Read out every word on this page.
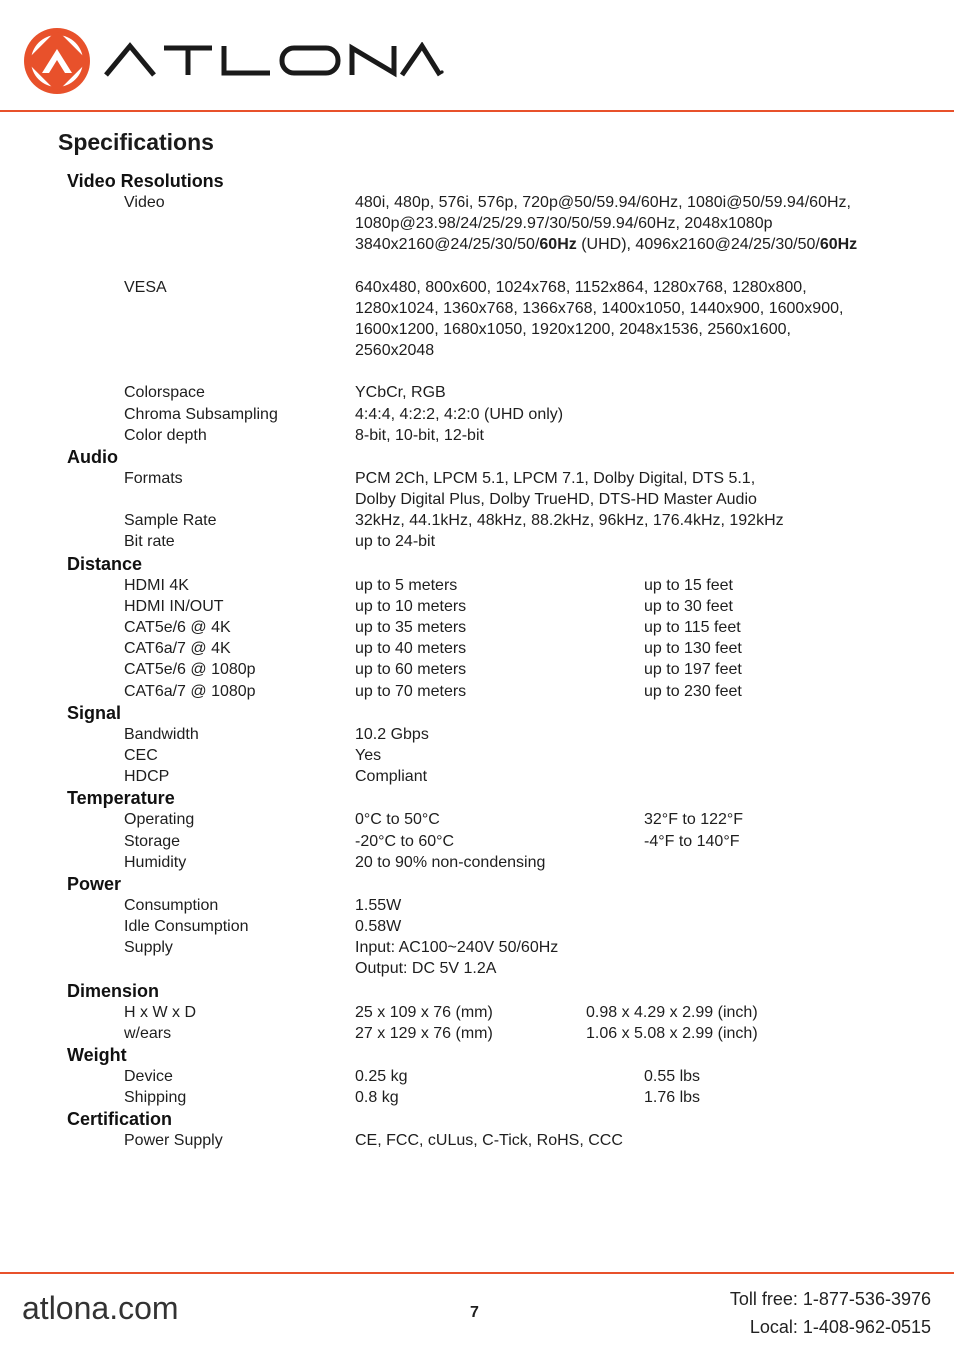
Specifications
Video Resolutions
Video	480i, 480p, 576i, 576p, 720p@50/59.94/60Hz, 1080i@50/59.94/60Hz,
1080p@23.98/24/25/29.97/30/50/59.94/60Hz, 2048x1080p
3840x2160@24/25/30/50/60Hz (UHD), 4096x2160@24/25/30/50/60Hz
VESA	640x480, 800x600, 1024x768, 1152x864, 1280x768, 1280x800,
1280x1024, 1360x768, 1366x768, 1400x1050, 1440x900, 1600x900,
1600x1200, 1680x1050, 1920x1200, 2048x1536, 2560x1600,
2560x2048
Colorspace	YCbCr, RGB
Chroma Subsampling	4:4:4, 4:2:2, 4:2:0 (UHD only)
Color depth	8-bit, 10-bit, 12-bit
Audio
Formats	PCM 2Ch, LPCM 5.1, LPCM 7.1, Dolby Digital, DTS 5.1,
Dolby Digital Plus, Dolby TrueHD, DTS-HD Master Audio
Sample Rate	32kHz, 44.1kHz, 48kHz, 88.2kHz, 96kHz, 176.4kHz, 192kHz
Bit rate	up to 24-bit
Distance
HDMI 4K	up to 5 meters	up to 15 feet
HDMI IN/OUT	up to 10 meters	up to 30 feet
CAT5e/6 @ 4K	up to 35 meters	up to 115 feet
CAT6a/7 @ 4K	up to 40 meters	up to 130 feet
CAT5e/6 @ 1080p	up to 60 meters	up to 197 feet
CAT6a/7 @ 1080p	up to 70 meters	up to 230 feet
Signal
Bandwidth	10.2 Gbps
CEC	Yes
HDCP	Compliant
Temperature
Operating	0°C to 50°C	32°F to 122°F
Storage	-20°C to 60°C	-4°F to 140°F
Humidity	20 to 90% non-condensing
Power
Consumption	1.55W
Idle Consumption	0.58W
Supply	Input: AC100~240V 50/60Hz
Output: DC 5V 1.2A
Dimension
H x W x D	25 x 109 x 76 (mm)	0.98 x 4.29 x 2.99 (inch)
w/ears	27 x 129 x 76 (mm)	1.06 x 5.08 x 2.99 (inch)
Weight
Device	0.25 kg	0.55 lbs
Shipping	0.8 kg	1.76 lbs
Certification
Power Supply	CE, FCC, cULus, C-Tick, RoHS, CCC
atlona.com	7
Toll free: 1-877-536-3976
Local: 1-408-962-0515
